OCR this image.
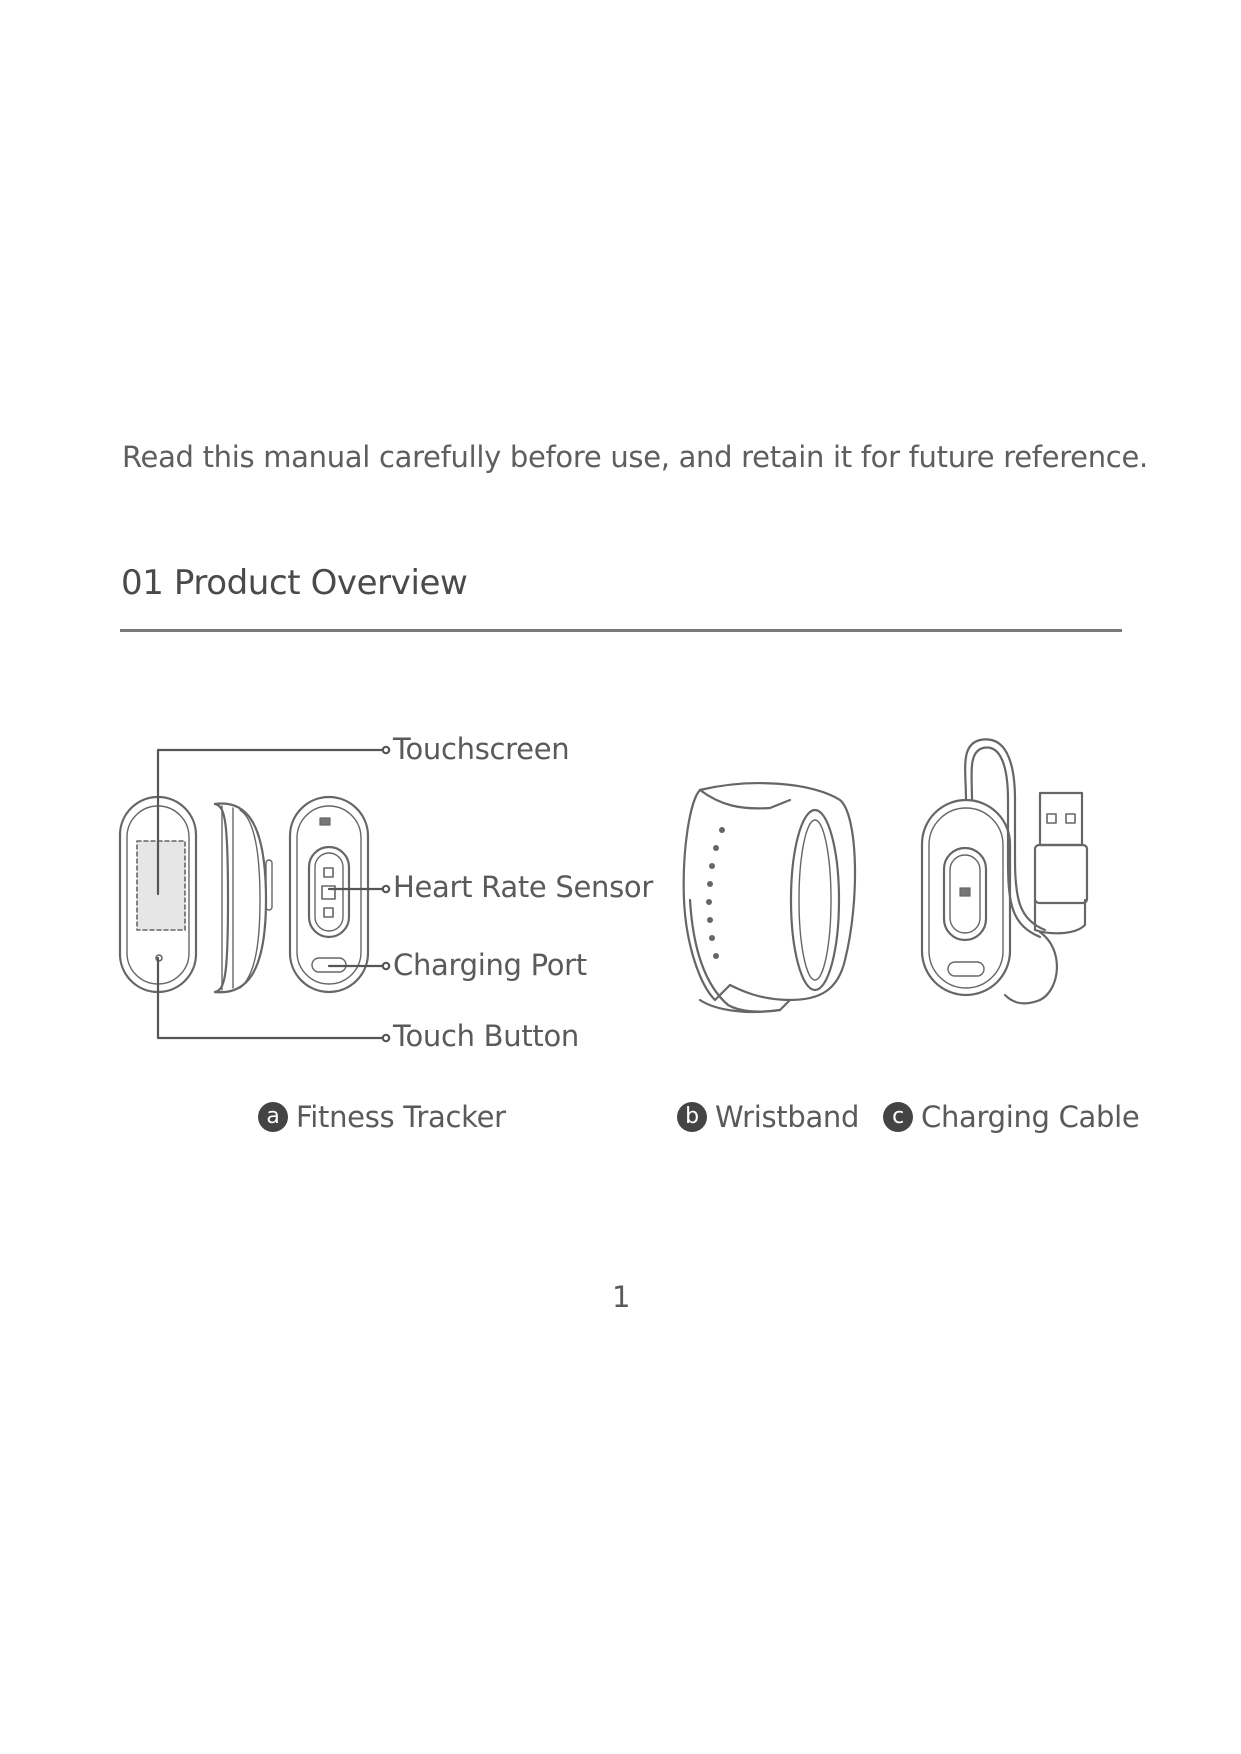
Read this manual carefully before use, and retain it for future reference.
01 Product Overview
Touchscreen
Heart Rate Sensor
Charging Port
Touch Button
a Fitness Tracker	b Wristband	c Charging Cable
1
